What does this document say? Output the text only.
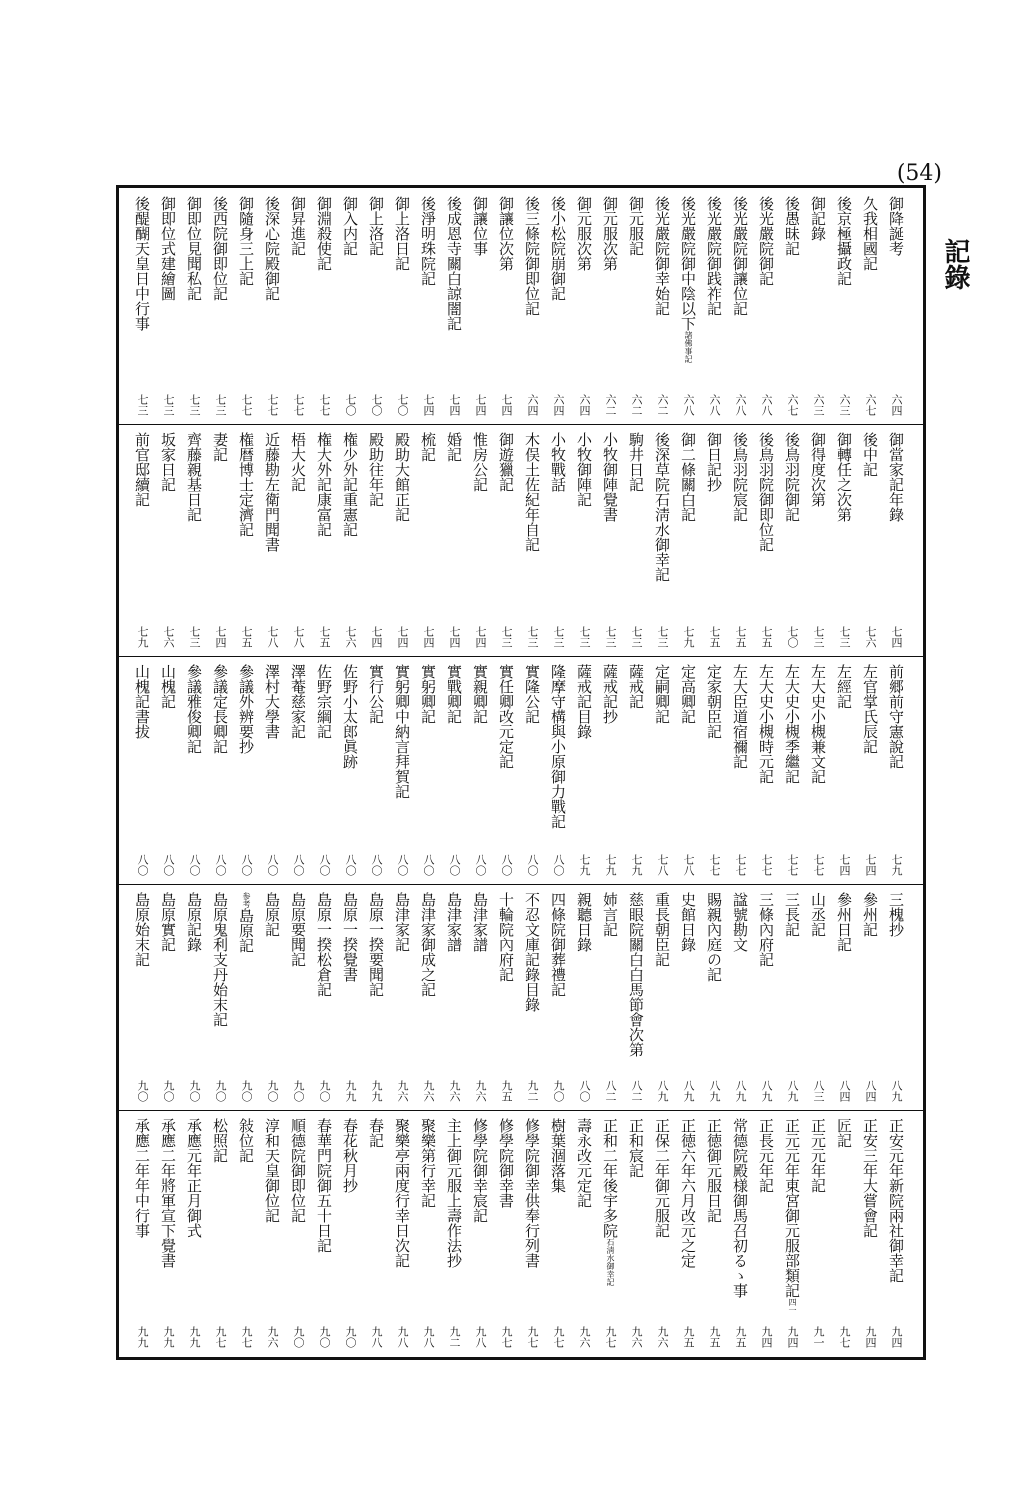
(54)
記錄
御降誕考
六四
久我相國記
六七
後京極攝政記
六三
御記錄
六三
後愚昧記
六七
後光嚴院御記
六八
後光嚴院御讓位記
六八
後光嚴院御践祚記
六八
後光嚴院御中陰以下諸佛事記
六八
後光嚴院御幸始記
六二
御元服記
六二
御元服次第
六二
御元服次第
六四
後小松院崩御記
六四
後三條院御即位記
六四
御讓位次第
七四
御讓位事
七四
後成恩寺關白諒闇記
七四
後淨明珠院記
七四
御上洛日記
七〇
御上洛記
七〇
御入内記
七〇
御淵殺使記
七七
御昇進記
七七
後深心院殿御記
七七
御隨身三上記
七七
後西院御即位記
七三
御即位見聞私記
七三
御即位式建繪圖
七三
後醍醐天皇日中行事
七三
御當家記年錄
七四
後中記
七六
御轉任之次第
七三
御得度次第
七三
後鳥羽院御記
七〇
後鳥羽院御即位記
七五
後鳥羽院宸記
七五
御日記抄
七五
御二條關白記
七九
後深草院石淸水御幸記
七三
駒井日記
七三
小牧御陣覺書
七三
小牧御陣記
七三
小牧戰話
七三
木俣土佐紀年自記
七三
御遊獵記
七三
惟房公記
七四
婚記
七四
梳記
七四
殿助大館正記
七四
殿助往年記
七四
権少外記重憲記
七六
権大外記康富記
七五
梧大火記
七八
近藤勘左衛門聞書
七八
権暦博士定濟記
七五
妻記
七四
齊藤親基日記
七三
坂家日記
七六
前官邸續記
七九
前郷前守憲說記
七九
左官掌氏辰記
七四
左經記
七四
左大史小槻兼文記
七七
左大史小槻季繼記
七七
左大史小槻時元記
七七
左大臣道宿禰記
七七
定家朝臣記
七七
定高卿記
七八
定嗣卿記
七八
薩戒記
七九
薩戒記抄
七九
薩戒記目錄
七九
隆摩守構與小原御力戰記
八〇
實隆公記
八〇
實任卿改元定記
八〇
實親卿記
八〇
實戰卿記
八〇
實躬卿記
八〇
實躬卿中納言拜賀記
八〇
實行公記
八〇
佐野小太郎眞跡
八〇
佐野宗綱記
八〇
澤菴慈家記
八〇
澤村大學書
八〇
參議外辨要抄
八〇
參議定長卿記
八〇
參議雅俊卿記
八〇
山槐記
八〇
山槐記書拔
八〇
三槐抄
八九
參州記
八四
參州日記
八四
山丞記
八三
三長記
八九
三條內府記
八九
諡號勘文
八九
賜親內庭の記
八九
史館日錄
八九
重長朝臣記
八九
慈眼院關白白馬節會次第
八二
姉言記
八二
親聽日錄
八〇
四條院御葬禮記
九〇
不忍文庫記錄目錄
九二
十輪院內府記
九五
島津家譜
九六
島津家譜
九六
島津家御成之記
九六
島津家記
九六
島原一揆要聞記
九九
島原一揆覺書
九九
島原一揆松倉記
九〇
島原要聞記
九〇
島原記
九〇
参考島原記
九〇
島原鬼利支丹始末記
九〇
島原記錄
九〇
島原實記
九〇
島原始末記
九〇
正安元年新院兩社御幸記
九四
正安三年大嘗會記
九四
匠記
九七
正元元年記
九一
正元元年東宮御元服部類記四一
九四
正長元年記
九四
常德院殿様御馬召初るゝ事
九五
正徳御元服日記
九五
正徳六年六月改元之定
九五
正保二年御元服記
九六
正和宸記
九六
正和二年後宇多院石淸水御幸記
九七
壽永改元定記
九六
樹葉涸落集
九七
修學院御幸供奉行列書
九七
修學院御幸書
九七
修學院御幸宸記
九八
主上御元服上壽作法抄
九二
聚樂第行幸記
九八
聚樂亭兩度行幸日次記
九八
春記
九八
春花秋月抄
九〇
春華門院御五十日記
九〇
順德院御即位記
九〇
淳和天皇御位記
九六
敍位記
九七
松照記
九七
承應元年正月御式
九九
承應二年將軍宣下覺書
九九
承應二年年中行事
九九
